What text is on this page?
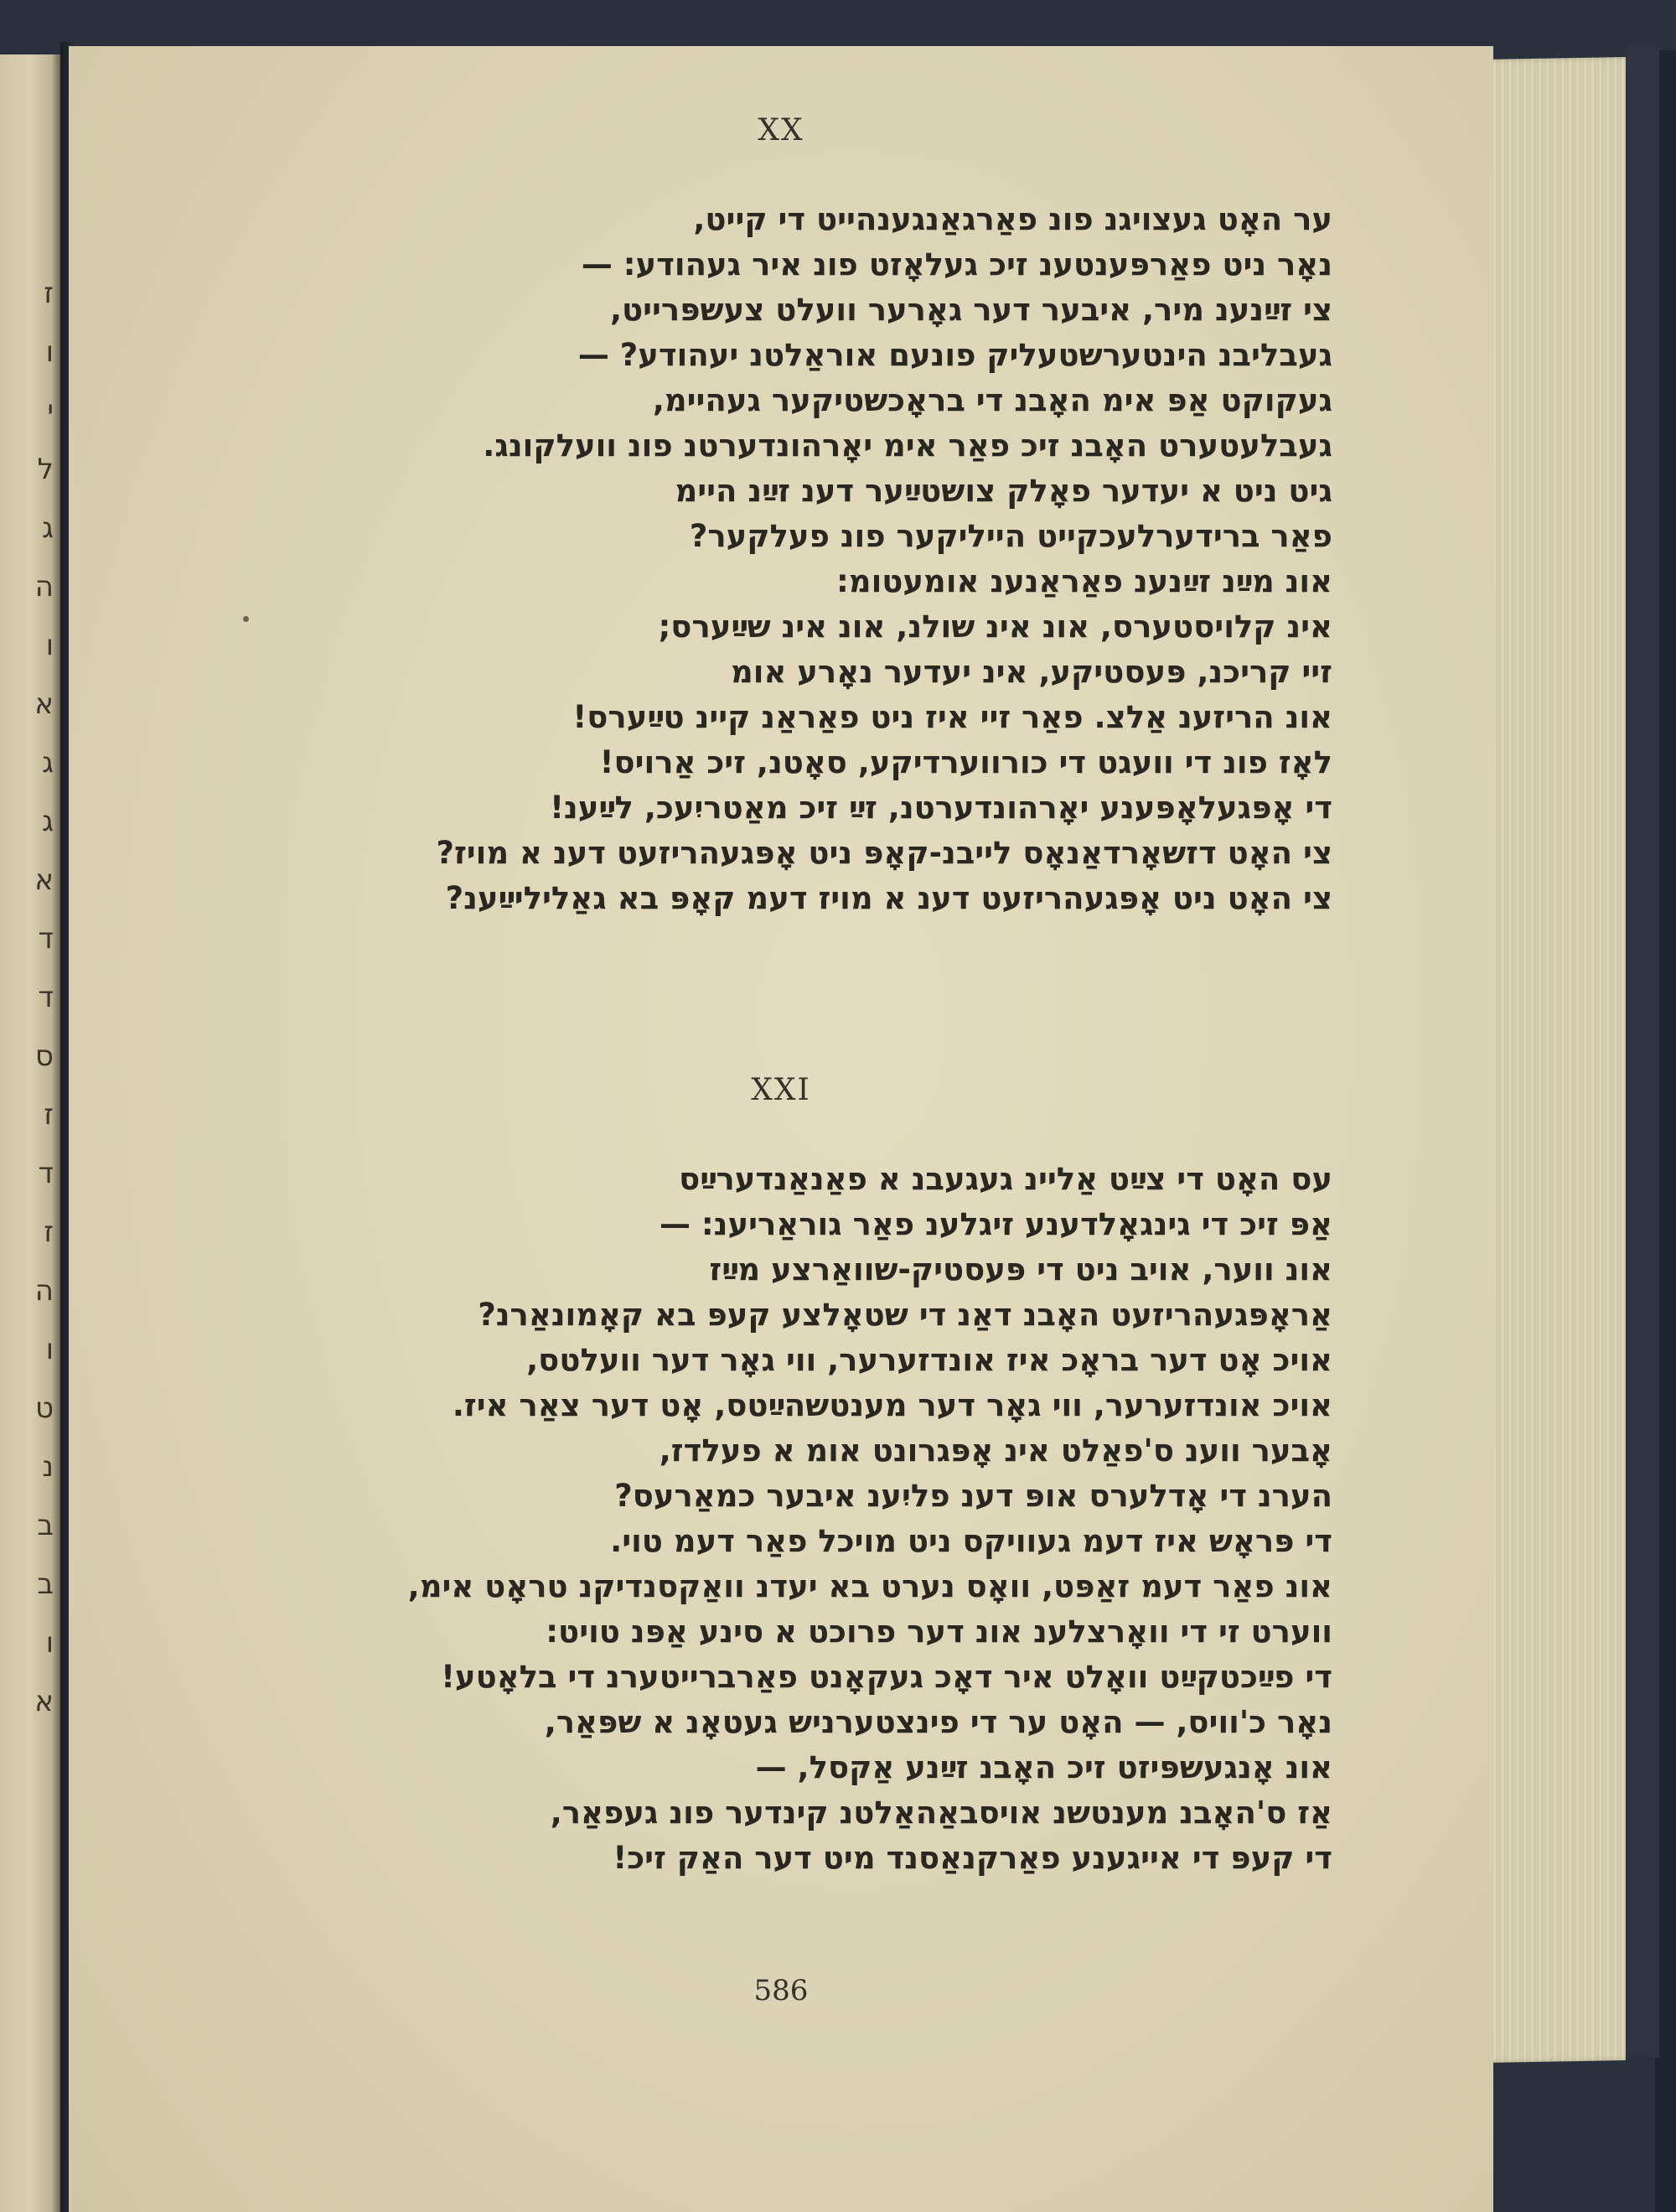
ז
ו
י
ל
ג
ה
ו
א
ג
ג
א
ד
ד
ס
ז
ד
ז
ה
ו
ט
נ
ב
ב
ו
א
XX
ער האָט געצויגנ פונ פאַרגאַנגענהייט די קייט,
נאָר ניט פאַרפּענטענ זיכ געלאָזט פונ איר געהודע: —
צי זײַנענ מיר, איבער דער גאָרער וועלט צעשפּרייט,
געבליבנ הינטערשטעליק פונעם אוראַלטנ יעהודע? —
געקוקט אַפּ אימ האָבנ די בראָכשטיקער געהיימ,
געבלעטערט האָבנ זיכ פאַר אימ יאָרהונדערטנ פונ וועלקונג.
גיט ניט א יעדער פאָלק צושטײַער דענ זײַנ היימ
פאַר ברידערלעכקייט הייליקער פונ פעלקער?
אונ מײַנ זײַנענ פאַראַנענ אומעטומ:
אינ קלויסטערס, אונ אינ שולנ, אונ אינ שײַערס;
זיי קריכנ, פּעסטיקע, אינ יעדער נאָרע אומ
אונ הריזענ אַלצ. פאַר זיי איז ניט פאַראַנ קיינ טײַערס!
לאָז פונ די וועגט די כורווערדיקע, סאָטנ, זיכ אַרויס!
די אָפּגעלאָפּענע יאָרהונדערטנ, זײַ זיכ מאַטריִעכ, לײַענ!
צי האָט דזשאָרדאַנאָס לייבנ-קאָפּ ניט אָפּגעהריזעט דענ א מויז?
צי האָט ניט אָפּגעהריזעט דענ א מויז דעמ קאָפּ בא גאַליליײַענ?
XXI
עס האָט די צײַט אַליינ געגעבנ א פאַנאַנדערײַס
אַפּ זיכ די גינגאָלדענע זיגלענ פאַר גוראַריענ: —
אונ ווער, אויב ניט די פּעסטיק-שוואַרצע מײַז
אַראָפּגעהריזעט האָבנ דאַנ די שטאָלצע קעפּ בא קאָמונאַרנ?
אויכ אָט דער בראָכ איז אונדזערער, ווי גאָר דער וועלטס,
אויכ אונדזערער, ווי גאָר דער מענטשהײַטס, אָט דער צאַר איז.
אָבער ווענ ס'פאַלט אינ אָפּגרונט אומ א פעלדז,
הערנ די אָדלערס אופּ דענ פליִענ איבער כמאַרעס?
די פּראָש איז דעמ געוויקס ניט מויכל פאַר דעמ טוי.
אונ פאַר דעמ זאַפּט, וואָס נערט בא יעדנ וואַקסנדיקנ טראָט אימ,
ווערט זי די וואָרצלענ אונ דער פרוכט א סינע אַפּנ טויט:
די פײַכטקײַט וואָלט איר דאָכ געקאָנט פאַרברייטערנ די בלאָטע!
נאָר כ'וויס, — האָט ער די פינצטערניש געטאָנ א שפּאַר,
אונ אָנגעשפּיזט זיכ האָבנ זײַנע אַקסל, —
אַז ס'האָבנ מענטשנ אויסבאַהאַלטנ קינדער פונ געפאַר,
די קעפּ די אייגענע פאַרקנאַסנד מיט דער האַק זיכ!
586
